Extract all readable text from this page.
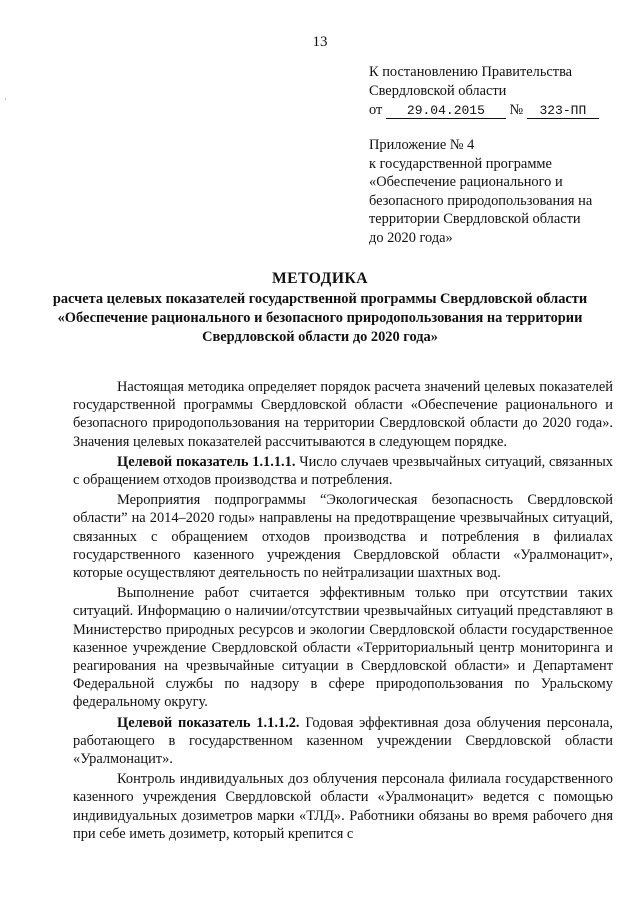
13
·
К постановлению Правительства
Свердловской области
от 29.04.2015 № 323-ПП
Приложение № 4
к государственной программе
«Обеспечение рационального и
безопасного природопользования на
территории Свердловской области
до 2020 года»
МЕТОДИКА
расчета целевых показателей государственной программы Свердловской области «Обеспечение рационального и безопасного природопользования на территории Свердловской области до 2020 года»

Настоящая методика определяет порядок расчета значений целевых показателей государственной программы Свердловской области «Обеспечение рационального и безопасного природопользования на территории Свердловской области до 2020 года». Значения целевых показателей рассчитываются в следующем порядке.

Целевой показатель 1.1.1.1. Число случаев чрезвычайных ситуаций, связанных с обращением отходов производства и потребления.

Мероприятия подпрограммы “Экологическая безопасность Свердловской области” на 2014–2020 годы» направлены на предотвращение чрезвычайных ситуаций, связанных с обращением отходов производства и потребления в филиалах государственного казенного учреждения Свердловской области «Уралмонацит», которые осуществляют деятельность по нейтрализации шахтных вод.

Выполнение работ считается эффективным только при отсутствии таких ситуаций. Информацию о наличии/отсутствии чрезвычайных ситуаций представляют в Министерство природных ресурсов и экологии Свердловской области государственное казенное учреждение Свердловской области «Территориальный центр мониторинга и реагирования на чрезвычайные ситуации в Свердловской области» и Департамент Федеральной службы по надзору в сфере природопользования по Уральскому федеральному округу.

Целевой показатель 1.1.1.2. Годовая эффективная доза облучения персонала, работающего в государственном казенном учреждении Свердловской области «Уралмонацит».

Контроль индивидуальных доз облучения персонала филиала государственного казенного учреждения Свердловской области «Уралмонацит» ведется с помощью индивидуальных дозиметров марки «ТЛД». Работники обязаны во время рабочего дня при себе иметь дозиметр, который крепится с
